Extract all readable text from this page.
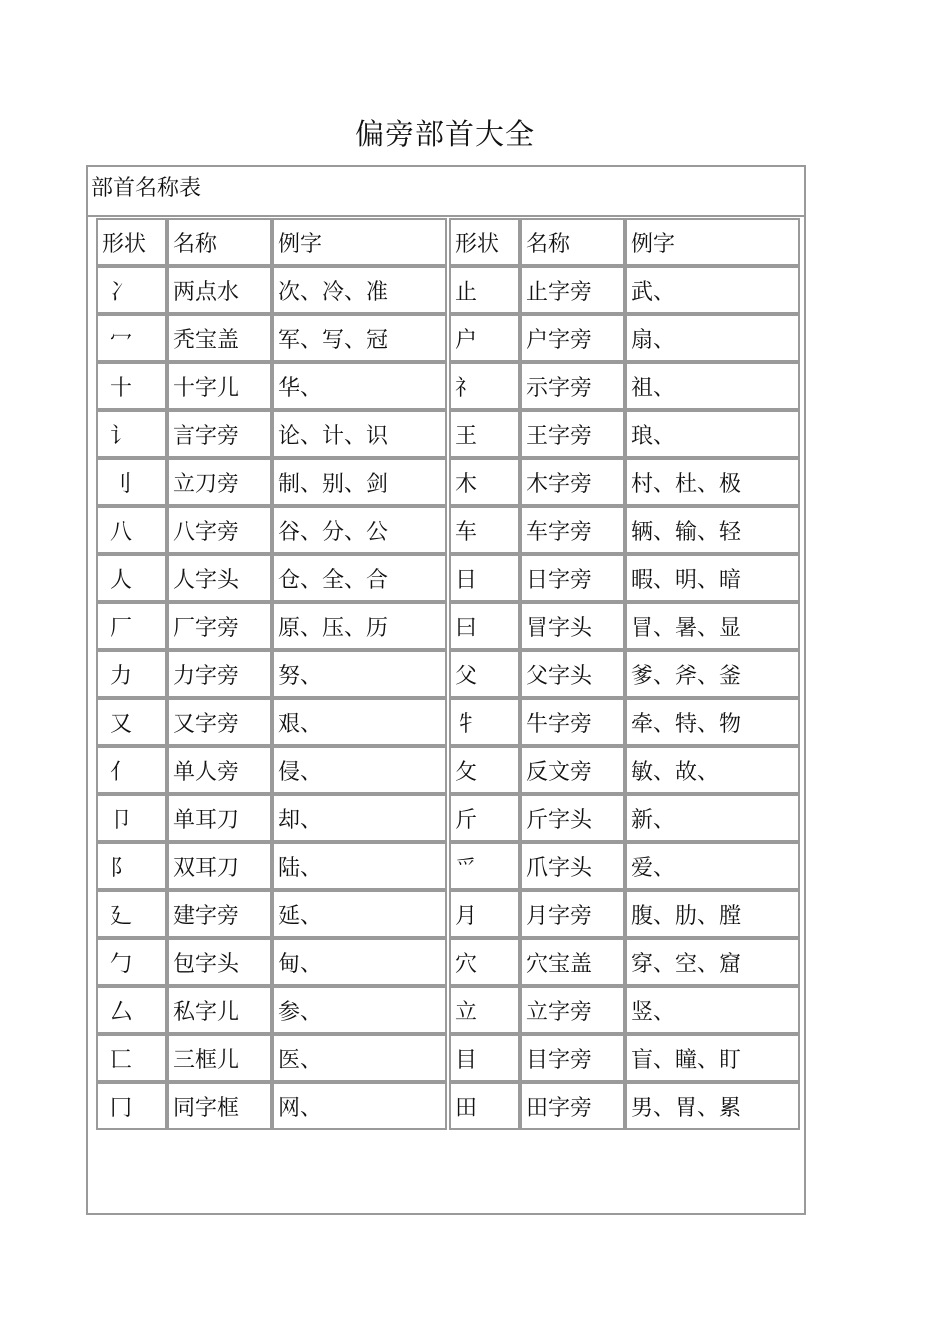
偏旁部首大全
部首名称表
形状	名称	例字
冫	两点水	次、冷、准
冖	秃宝盖	军、写、冠
十	十字儿	华、
讠	言字旁	论、计、识
刂	立刀旁	制、别、剑
八	八字旁	谷、分、公
人	人字头	仓、全、合
厂	厂字旁	原、压、历
力	力字旁	努、
又	又字旁	艰、
亻	单人旁	侵、
卩	单耳刀	却、
阝	双耳刀	陆、
廴	建字旁	延、
勹	包字头	甸、
厶	私字儿	参、
匸	三框儿	医、
冂	同字框	网、
形状	名称	例字
止	止字旁	武、
户	户字旁	扇、
礻	示字旁	祖、
王	王字旁	琅、
木	木字旁	村、杜、极
车	车字旁	辆、输、轻
日	日字旁	暇、明、暗
曰	冒字头	冒、暑、显
父	父字头	爹、斧、釜
牜	牛字旁	牵、特、物
攵	反文旁	敏、故、
斤	斤字头	新、
爫	爪字头	爱、
月	月字旁	腹、肋、膛
穴	穴宝盖	穿、空、窟
立	立字旁	竖、
目	目字旁	盲、瞳、盯
田	田字旁	男、胃、累
